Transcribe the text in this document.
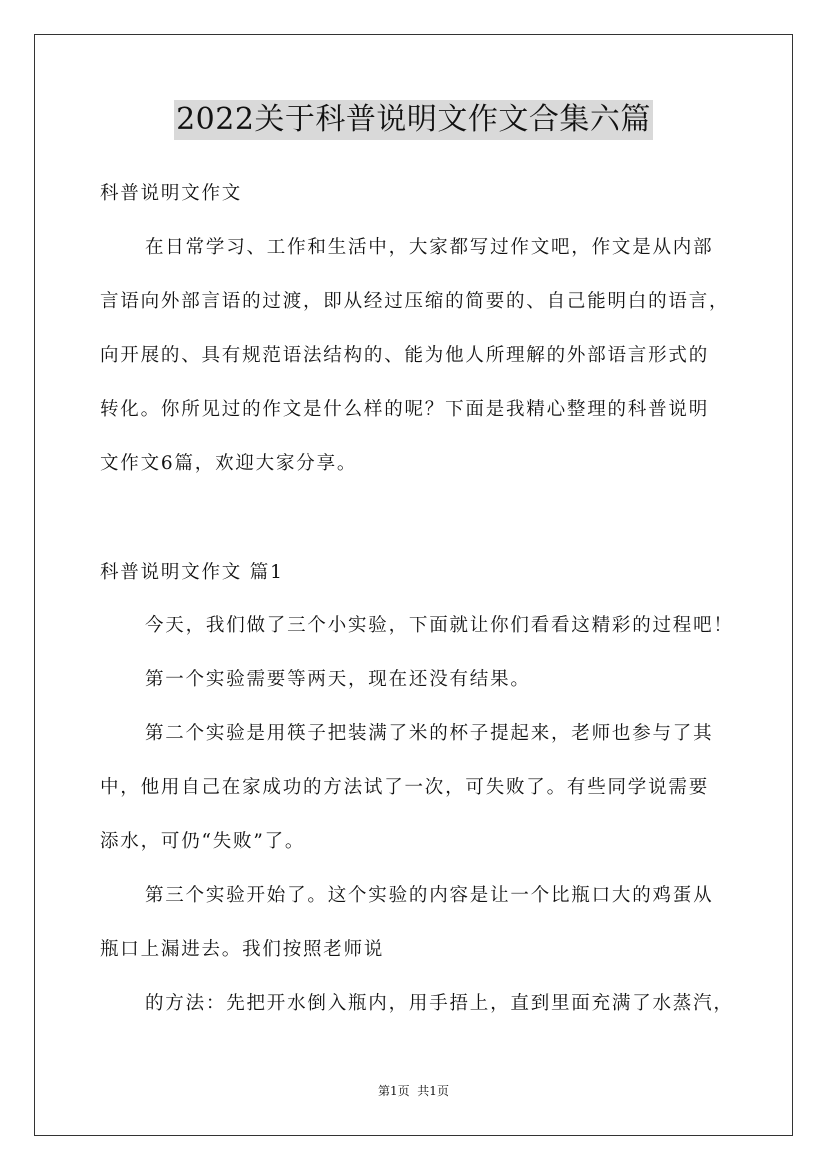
2022关于科普说明文作文合集六篇
科普说明文作文
在日常学习、工作和生活中，大家都写过作文吧，作文是从内部
言语向外部言语的过渡，即从经过压缩的简要的、自己能明白的语言，
向开展的、具有规范语法结构的、能为他人所理解的外部语言形式的
转化。你所见过的作文是什么样的呢？下面是我精心整理的科普说明
文作文6篇，欢迎大家分享。
科普说明文作文 篇1
今天，我们做了三个小实验，下面就让你们看看这精彩的过程吧！
第一个实验需要等两天，现在还没有结果。
第二个实验是用筷子把装满了米的杯子提起来，老师也参与了其
中，他用自己在家成功的方法试了一次，可失败了。有些同学说需要
添水，可仍“失败”了。
第三个实验开始了。这个实验的内容是让一个比瓶口大的鸡蛋从
瓶口上漏进去。我们按照老师说
的方法：先把开水倒入瓶内，用手捂上，直到里面充满了水蒸汽，
第1页  共1页
